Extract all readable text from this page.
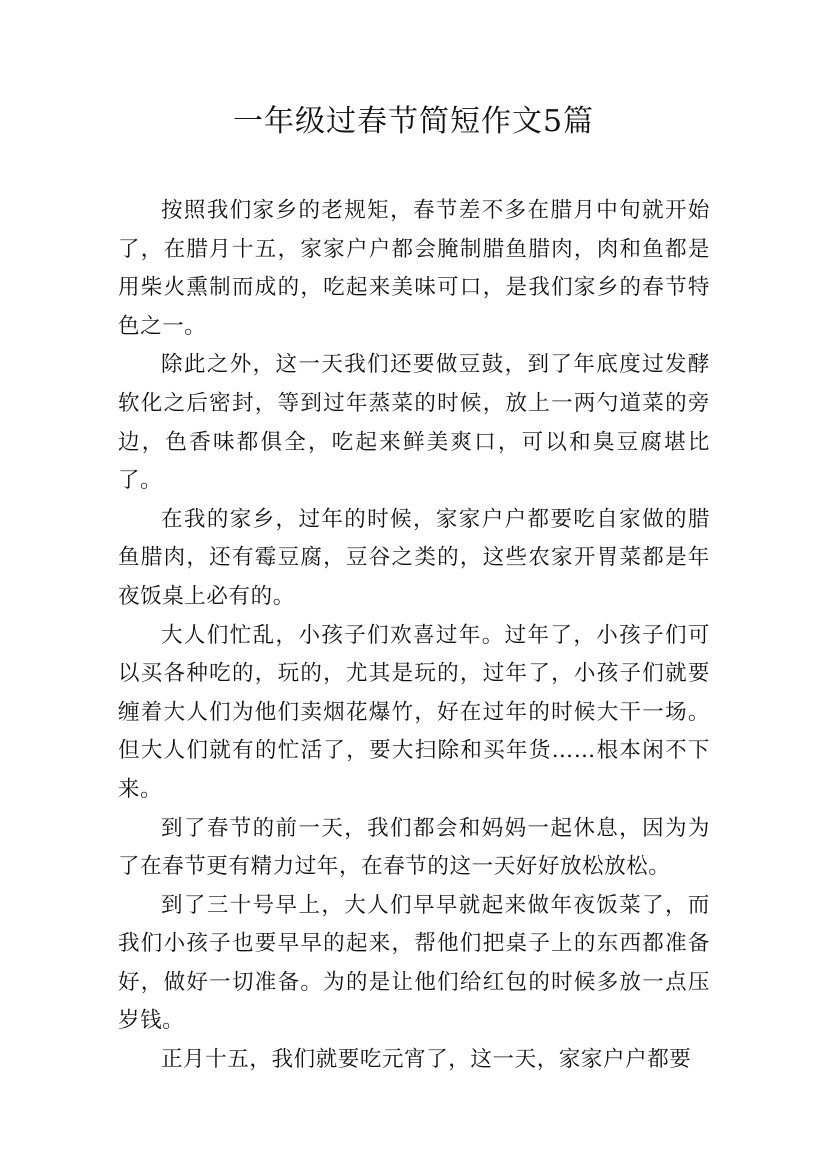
一年级过春节简短作文5篇

按照我们家乡的老规矩，春节差不多在腊月中旬就开始了，在腊月十五，家家户户都会腌制腊鱼腊肉，肉和鱼都是用柴火熏制而成的，吃起来美味可口，是我们家乡的春节特色之一。

除此之外，这一天我们还要做豆鼓，到了年底度过发酵软化之后密封，等到过年蒸菜的时候，放上一两勺道菜的旁边，色香味都俱全，吃起来鲜美爽口，可以和臭豆腐堪比了。

在我的家乡，过年的时候，家家户户都要吃自家做的腊鱼腊肉，还有霉豆腐，豆谷之类的，这些农家开胃菜都是年夜饭桌上必有的。

大人们忙乱，小孩子们欢喜过年。过年了，小孩子们可以买各种吃的，玩的，尤其是玩的，过年了，小孩子们就要缠着大人们为他们卖烟花爆竹，好在过年的时候大干一场。但大人们就有的忙活了，要大扫除和买年货……根本闲不下来。

到了春节的前一天，我们都会和妈妈一起休息，因为为了在春节更有精力过年，在春节的这一天好好放松放松。

到了三十号早上，大人们早早就起来做年夜饭菜了，而我们小孩子也要早早的起来，帮他们把桌子上的东西都准备好，做好一切准备。为的是让他们给红包的时候多放一点压岁钱。

正月十五，我们就要吃元宵了，这一天，家家户户都要
